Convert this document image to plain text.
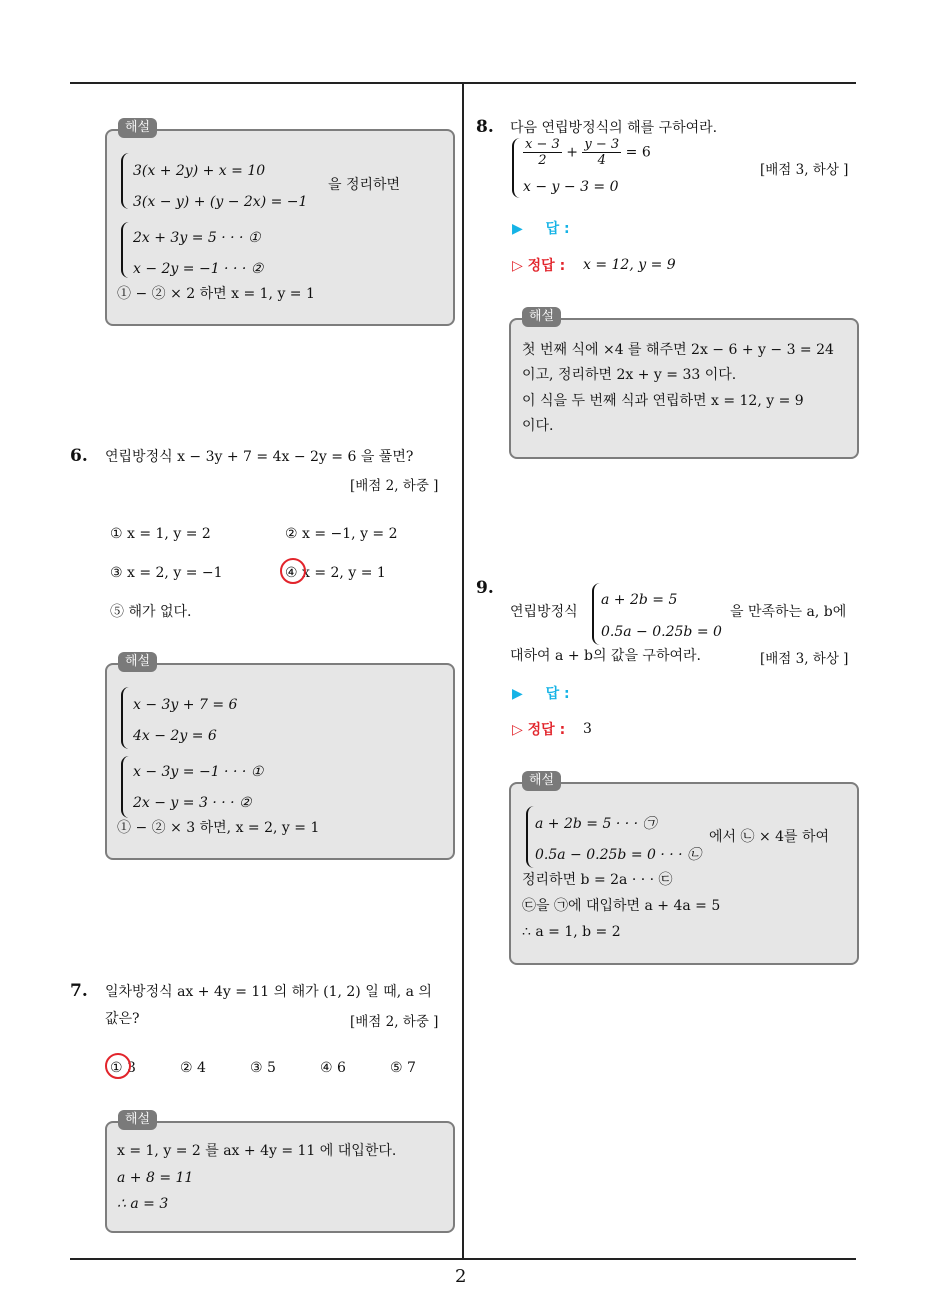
2
해설
3(x + 2y) + x = 10
3(x − y) + (y − 2x) = −1
을 정리하면
2x + 3y = 5 · · · ①
x − 2y = −1 · · · ②
① − ② × 2 하면 x = 1, y = 1
6. 연립방정식 x − 3y + 7 = 4x − 2y = 6 을 풀면?
[배점 2, 하중 ]
① x = 1, y = 2	② x = −1, y = 2
③ x = 2, y = −1	④ x = 2, y = 1
⑤ 해가 없다.
해설
x − 3y + 7 = 6
4x − 2y = 6
x − 3y = −1 · · · ①
2x − y = 3 · · · ②
① − ② × 3 하면, x = 2, y = 1
7. 일차방정식 ax + 4y = 11 의 해가 (1, 2) 일 때, a 의
값은?	[배점 2, 하중 ]
① 3	② 4	③ 5	④ 6	⑤ 7
해설
x = 1, y = 2 를 ax + 4y = 11 에 대입한다.
a + 8 = 11
∴ a = 3
8. 다음 연립방정식의 해를 구하여라.
$\frac{x - 3}{2} + \frac{y - 3}{4} = 6$
x − y − 3 = 0
[배점 3, 하상 ]
▶ 답 :
▷ 정답 : x = 12, y = 9
해설
첫 번째 식에 ×4 를 해주면 2x − 6 + y − 3 = 24
이고, 정리하면 2x + y = 33 이다.
이 식을 두 번째 식과 연립하면 x = 12, y = 9
이다.
9.
연립방정식
a + 2b = 5
0.5a − 0.25b = 0
을 만족하는 a, b에
대하여 a + b의 값을 구하여라.	[배점 3, 하상 ]
▶ 답 :
▷ 정답 : 3
해설
a + 2b = 5 · · · ㉠
0.5a − 0.25b = 0 · · · ㉡
에서 ㉡ × 4를 하여
정리하면 b = 2a · · · ㉢
㉢을 ㉠에 대입하면 a + 4a = 5
∴ a = 1, b = 2
